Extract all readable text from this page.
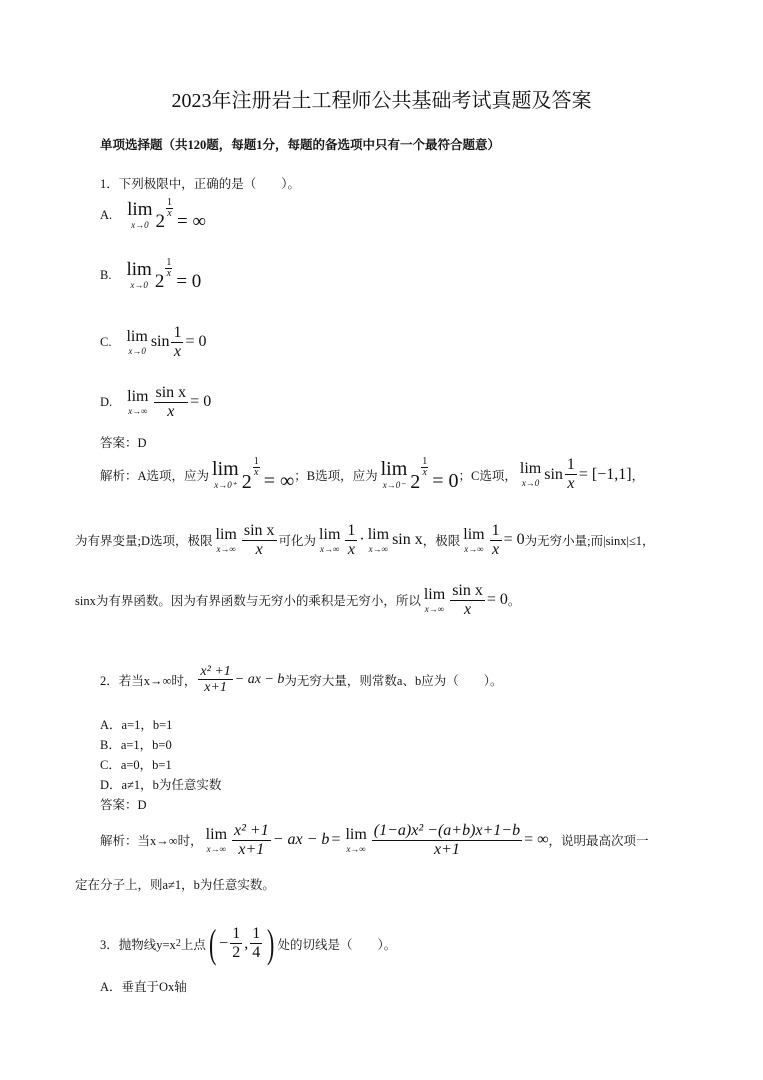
2023年注册岩土工程师公共基础考试真题及答案
单项选择题（共120题，每题1分，每题的备选项中只有一个最符合题意）
1．下列极限中，正确的是（　　）。
A. lim
x→0 2
$\frac{1}{x}$
= ∞
B. lim
x→0 2
$\frac{1}{x}$
= 0
C. lim
x→0
$\sin \frac{1}{x} = 0$
D. lim
$x\to\infty \frac{\text{sin x}}{x} = 0$
答案：D
解析：A选项，应为 lim
x→0⁺ 2
$\frac{1}{x}$
= ∞ ；B选项，应为 lim
x→0⁻ 2
$\frac{1}{x}$
= 0 ；C选项， lim
x→0
$\sin \frac{1}{x} = [-1,1]$ ，
为有界变量;D选项，极限 lim
$x\to\infty \frac{\text{sin x}}{x}$ 可化为 lim
$x\to\infty \frac{1}{x} \cdot \lim$
x→∞
sin x ，极限 lim
$x\to\infty \frac{1}{x} = 0$ 为无穷小量;而|sinx|≤1，
sinx为有界函数。因为有界函数与无穷小的乘积是无穷小，所以 lim
$x\to\infty \frac{\text{sin x}}{x} = 0$ 。
2．若当x→∞时， $\frac{\text{x² +1}}{x+1}$ − ax − b 为无穷大量，则常数a、b应为（　　）。
A．a=1，b=1
B．a=1，b=0
C．a=0，b=1
D．a≠1，b为任意实数
答案：D
解析：当x→∞时， lim
$x\to\infty \frac{\text{x² +1}}{x+1}$ − ax − b = lim
$x\to\infty \frac{\text{(1−a)x² −(a+b)x+1−b}}{x+1}$ = ∞ ，说明最高次项一
定在分子上，则a≠1，b为任意实数。
3．抛物线y=x 2 上点 ( − $\frac{1}{2}$ , $\frac{1}{4}$ ) 处的切线是（　　）。
A．垂直于Ox轴
